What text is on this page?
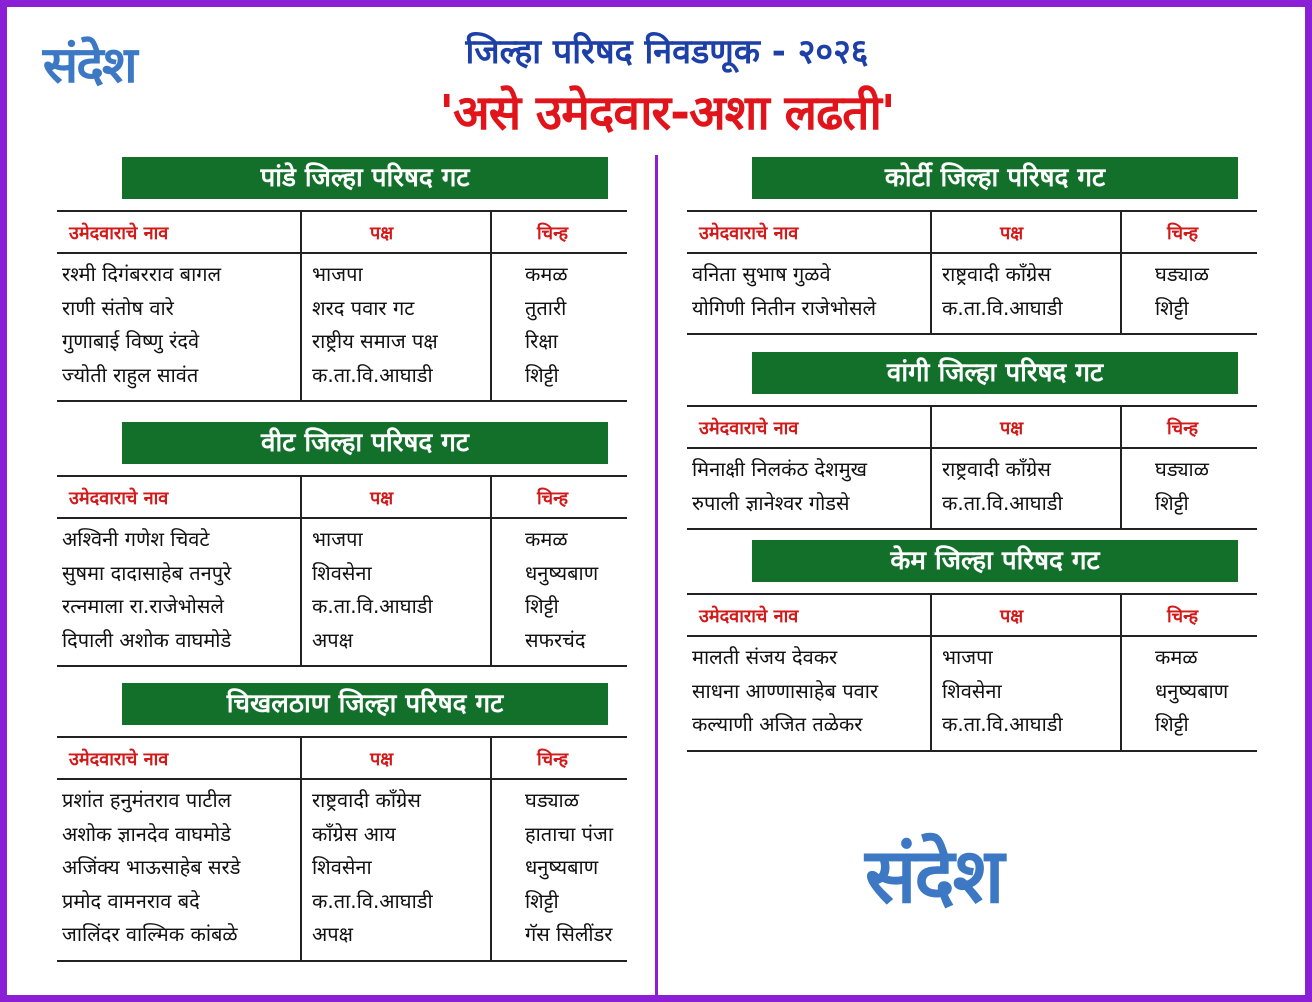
संदेश	जिल्हा परिषद निवडणूक - २०२६
'असे उमेदवार-अशा लढती'
पांडे जिल्हा परिषद गट
उमेदवाराचे नाव	पक्ष	चिन्ह
रश्मी दिगंबरराव बागल	भाजपा	कमळ
राणी संतोष वारे	शरद पवार गट	तुतारी
गुणाबाई विष्णु रंदवे	राष्ट्रीय समाज पक्ष	रिक्षा
ज्योती राहुल सावंत	क.ता.वि.आघाडी	शिट्टी
वीट जिल्हा परिषद गट
उमेदवाराचे नाव	पक्ष	चिन्ह
अश्विनी गणेश चिवटे	भाजपा	कमळ
सुषमा दादासाहेब तनपुरे	शिवसेना	धनुष्यबाण
रत्नमाला रा.राजेभोसले	क.ता.वि.आघाडी	शिट्टी
दिपाली अशोक वाघमोडे	अपक्ष	सफरचंद
चिखलठाण जिल्हा परिषद गट
उमेदवाराचे नाव	पक्ष	चिन्ह
प्रशांत हनुमंतराव पाटील	राष्ट्रवादी कॉंग्रेस	घड्याळ
अशोक ज्ञानदेव वाघमोडे	कॉंग्रेस आय	हाताचा पंजा
अजिंक्य भाऊसाहेब सरडे	शिवसेना	धनुष्यबाण
प्रमोद वामनराव बदे	क.ता.वि.आघाडी	शिट्टी
जालिंदर वाल्मिक कांबळे	अपक्ष	गॅस सिलींडर
कोर्टी जिल्हा परिषद गट
उमेदवाराचे नाव	पक्ष	चिन्ह
वनिता सुभाष गुळवे	राष्ट्रवादी कॉंग्रेस	घड्याळ
योगिणी नितीन राजेभोसले	क.ता.वि.आघाडी	शिट्टी
वांगी जिल्हा परिषद गट
उमेदवाराचे नाव	पक्ष	चिन्ह
मिनाक्षी निलकंठ देशमुख	राष्ट्रवादी कॉंग्रेस	घड्याळ
रुपाली ज्ञानेश्वर गोडसे	क.ता.वि.आघाडी	शिट्टी
केम जिल्हा परिषद गट
उमेदवाराचे नाव	पक्ष	चिन्ह
मालती संजय देवकर	भाजपा	कमळ
साधना आण्णासाहेब पवार	शिवसेना	धनुष्यबाण
कल्याणी अजित तळेकर	क.ता.वि.आघाडी	शिट्टी
संदेश
